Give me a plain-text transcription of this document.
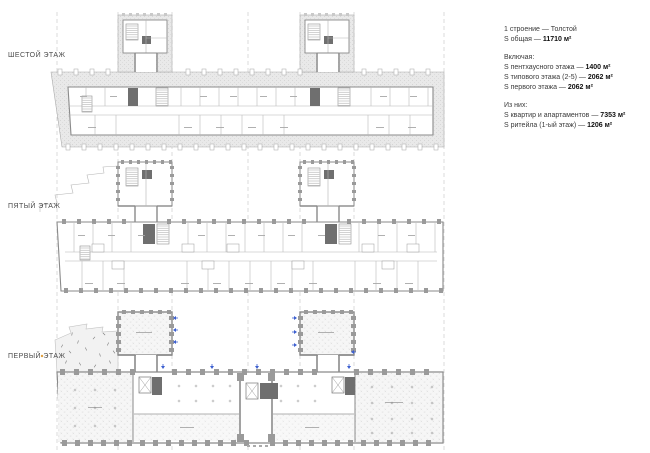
ШЕСТОЙ ЭТАЖ
ПЯТЫЙ ЭТАЖ
ПЕРВЫЙ ЭТАЖ
1 строение — Толстой
S общая — 11710 м²
Включая:
S пентхаусного этажа — 1400 м²
S типового этажа (2-5) — 2062 м²
S первого этажа — 2062 м²
Из них:
S квартир и апартаментов — 7353 м²
S ритейла (1-ый этаж) — 1206 м²
